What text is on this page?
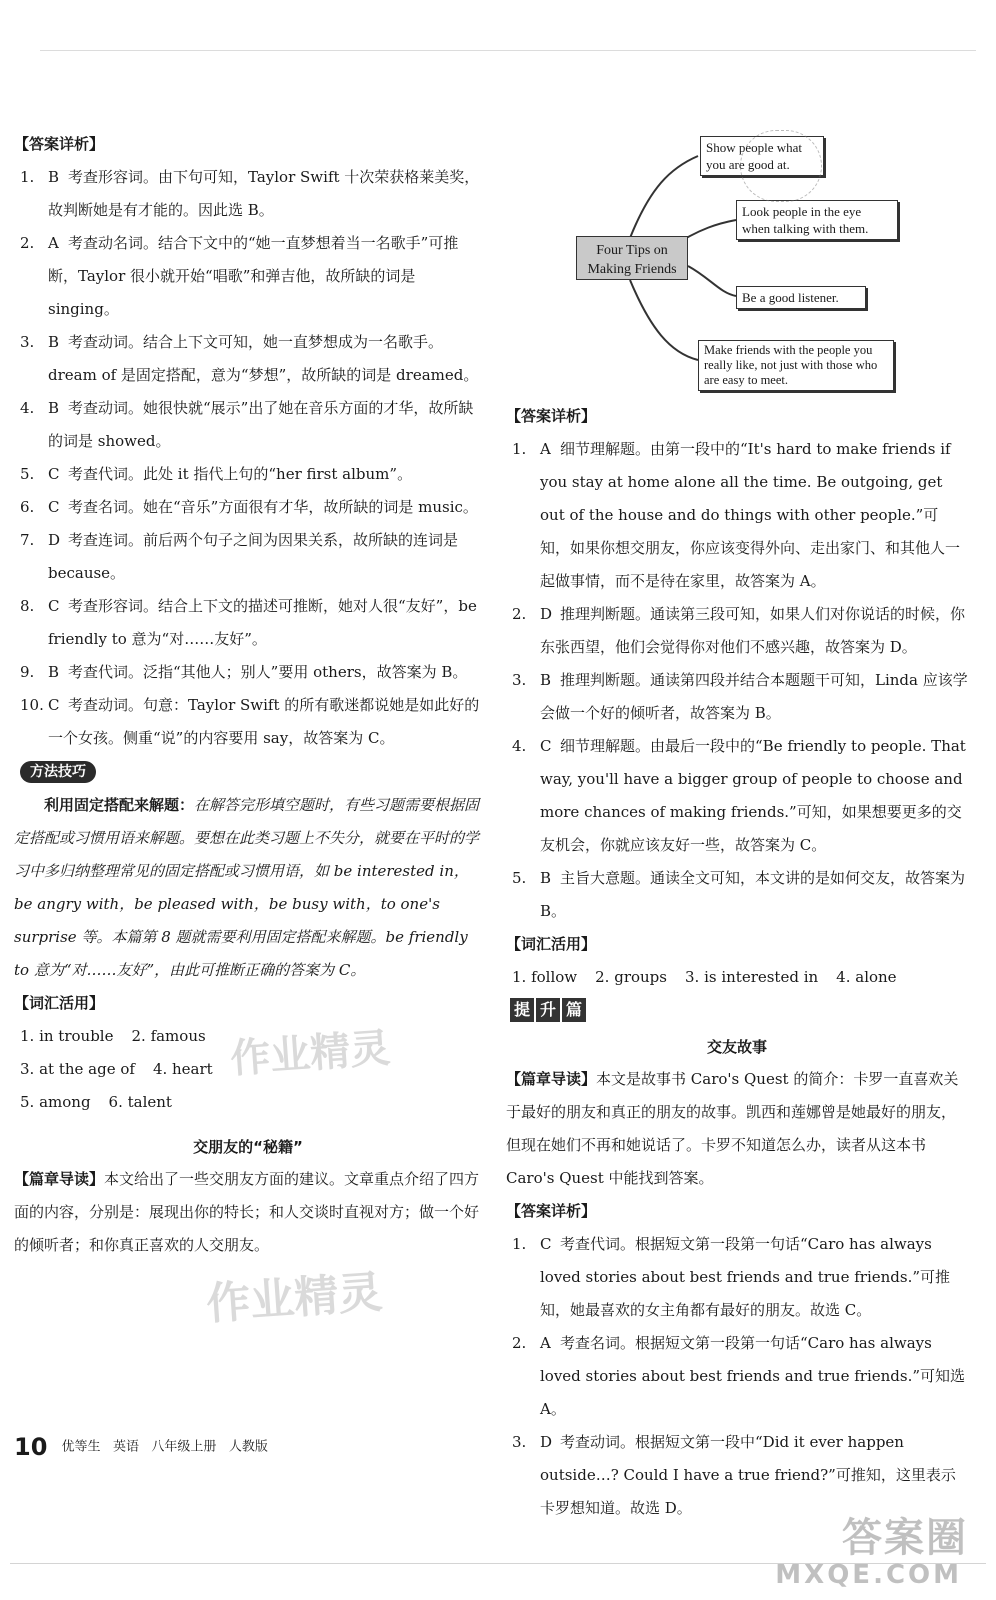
【答案详析】
1. B 考查形容词。由下句可知，Taylor Swift 十次荣获格莱美奖，故判断她是有才能的。因此选 B。
2. A 考查动名词。结合下文中的“她一直梦想着当一名歌手”可推断，Taylor 很小就开始“唱歌”和弹吉他，故所缺的词是 singing。
3. B 考查动词。结合上下文可知，她一直梦想成为一名歌手。dream of 是固定搭配，意为“梦想”，故所缺的词是 dreamed。
4. B 考查动词。她很快就“展示”出了她在音乐方面的才华，故所缺的词是 showed。
5. C 考查代词。此处 it 指代上句的“her first album”。
6. C 考查名词。她在“音乐”方面很有才华，故所缺的词是 music。
7. D 考查连词。前后两个句子之间为因果关系，故所缺的连词是 because。
8. C 考查形容词。结合上下文的描述可推断，她对人很“友好”，be friendly to 意为“对……友好”。
9. B 考查代词。泛指“其他人；别人”要用 others，故答案为 B。
10. C 考查动词。句意：Taylor Swift 的所有歌迷都说她是如此好的一个女孩。侧重“说”的内容要用 say，故答案为 C。
方法技巧
利用固定搭配来解题：在解答完形填空题时，有些习题需要根据固定搭配或习惯用语来解题。要想在此类习题上不失分，就要在平时的学习中多归纳整理常见的固定搭配或习惯用语，如 be interested in，be angry with，be pleased with，be busy with，to one's surprise 等。本篇第 8 题就需要利用固定搭配来解题。be friendly to 意为“对……友好”，由此可推断正确的答案为 C。
【词汇活用】
1. in trouble 2. famous
3. at the age of 4. heart
5. among 6. talent
交朋友的“秘籍”
【篇章导读】本文给出了一些交朋友方面的建议。文章重点介绍了四方面的内容，分别是：展现出你的特长；和人交谈时直视对方；做一个好的倾听者；和你真正喜欢的人交朋友。
Four Tips on Making Friends
Show people what you are good at.
Look people in the eye when talking with them.
Be a good listener.
Make friends with the people you really like, not just with those who are easy to meet.
【答案详析】
1. A 细节理解题。由第一段中的“It's hard to make friends if you stay at home alone all the time. Be outgoing, get out of the house and do things with other people.”可知，如果你想交朋友，你应该变得外向、走出家门、和其他人一起做事情，而不是待在家里，故答案为 A。
2. D 推理判断题。通读第三段可知，如果人们对你说话的时候，你东张西望，他们会觉得你对他们不感兴趣，故答案为 D。
3. B 推理判断题。通读第四段并结合本题题干可知，Linda 应该学会做一个好的倾听者，故答案为 B。
4. C 细节理解题。由最后一段中的“Be friendly to people. That way, you'll have a bigger group of people to choose and more chances of making friends.”可知，如果想要更多的交友机会，你就应该友好一些，故答案为 C。
5. B 主旨大意题。通读全文可知，本文讲的是如何交友，故答案为 B。
【词汇活用】
1. follow 2. groups 3. is interested in 4. alone
提 升 篇
交友故事
【篇章导读】本文是故事书 Caro's Quest 的简介：卡罗一直喜欢关于最好的朋友和真正的朋友的故事。凯西和莲娜曾是她最好的朋友，但现在她们不再和她说话了。卡罗不知道怎么办，读者从这本书 Caro's Quest 中能找到答案。
【答案详析】
1. C 考查代词。根据短文第一段第一句话“Caro has always loved stories about best friends and true friends.”可推知，她最喜欢的女主角都有最好的朋友。故选 C。
2. A 考查名词。根据短文第一段第一句话“Caro has always loved stories about best friends and true friends.”可知选 A。
3. D 考查动词。根据短文第一段中“Did it ever happen outside…? Could I have a true friend?”可推知，这里表示卡罗想知道。故选 D。
10 优等生 英语 八年级上册 人教版
作业精灵
作业精灵
答案圈
MXQE.COM
